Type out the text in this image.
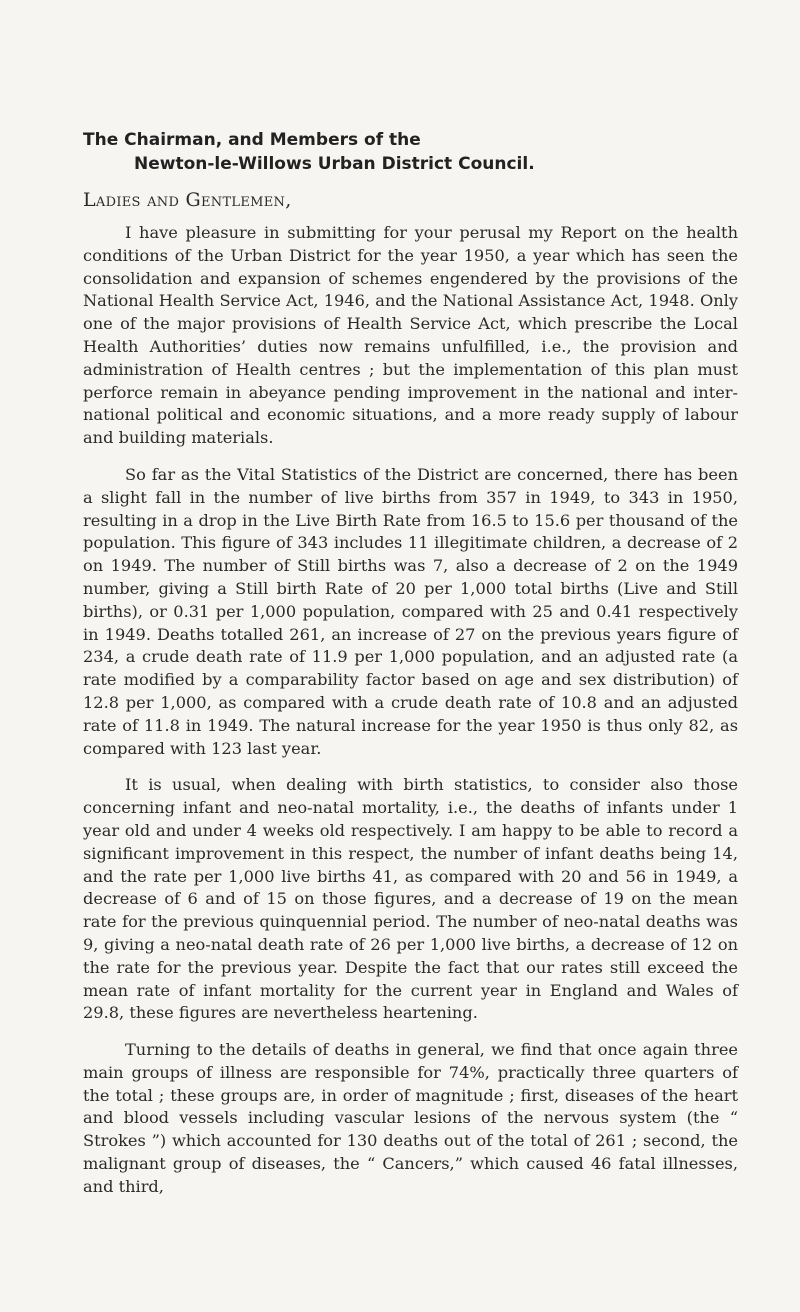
The Chairman, and Members of the

Newton-le-Willows Urban District Council.

Ladies and Gentlemen,

I have pleasure in submitting for your perusal my Report on the health conditions of the Urban District for the year 1950, a year which has seen the consolidation and expansion of schemes engendered by the provisions of the National Health Service Act, 1946, and the National Assistance Act, 1948. Only one of the major provisions of Health Service Act, which prescribe the Local Health Authorities’ duties now remains unfulfilled, i.e., the provision and administration of Health centres ; but the implementation of this plan must perforce remain in abeyance pending improvement in the national and inter- national political and economic situations, and a more ready supply of labour and building materials.

So far as the Vital Statistics of the District are concerned, there has been a slight fall in the number of live births from 357 in 1949, to 343 in 1950, resulting in a drop in the Live Birth Rate from 16.5 to 15.6 per thousand of the population. This figure of 343 includes 11 illegitimate children, a decrease of 2 on 1949. The number of Still births was 7, also a decrease of 2 on the 1949 number, giving a Still birth Rate of 20 per 1,000 total births (Live and Still births), or 0.31 per 1,000 population, compared with 25 and 0.41 respectively in 1949. Deaths totalled 261, an increase of 27 on the previous years figure of 234, a crude death rate of 11.9 per 1,000 population, and an adjusted rate (a rate modified by a comparability factor based on age and sex distribution) of 12.8 per 1,000, as compared with a crude death rate of 10.8 and an adjusted rate of 11.8 in 1949. The natural increase for the year 1950 is thus only 82, as compared with 123 last year.

It is usual, when dealing with birth statistics, to consider also those concerning infant and neo-natal mortality, i.e., the deaths of infants under 1 year old and under 4 weeks old respectively. I am happy to be able to record a significant improvement in this respect, the number of infant deaths being 14, and the rate per 1,000 live births 41, as compared with 20 and 56 in 1949, a decrease of 6 and of 15 on those figures, and a decrease of 19 on the mean rate for the previous quinquennial period. The number of neo-natal deaths was 9, giving a neo-natal death rate of 26 per 1,000 live births, a decrease of 12 on the rate for the previous year. Despite the fact that our rates still exceed the mean rate of infant mortality for the current year in England and Wales of 29.8, these figures are nevertheless heartening.

Turning to the details of deaths in general, we find that once again three main groups of illness are responsible for 74%, practically three quarters of the total ; these groups are, in order of magnitude ; first, diseases of the heart and blood vessels including vascular lesions of the nervous system (the “ Strokes ”) which accounted for 130 deaths out of the total of 261 ; second, the malignant group of diseases, the “ Cancers,” which caused 46 fatal illnesses, and third,
